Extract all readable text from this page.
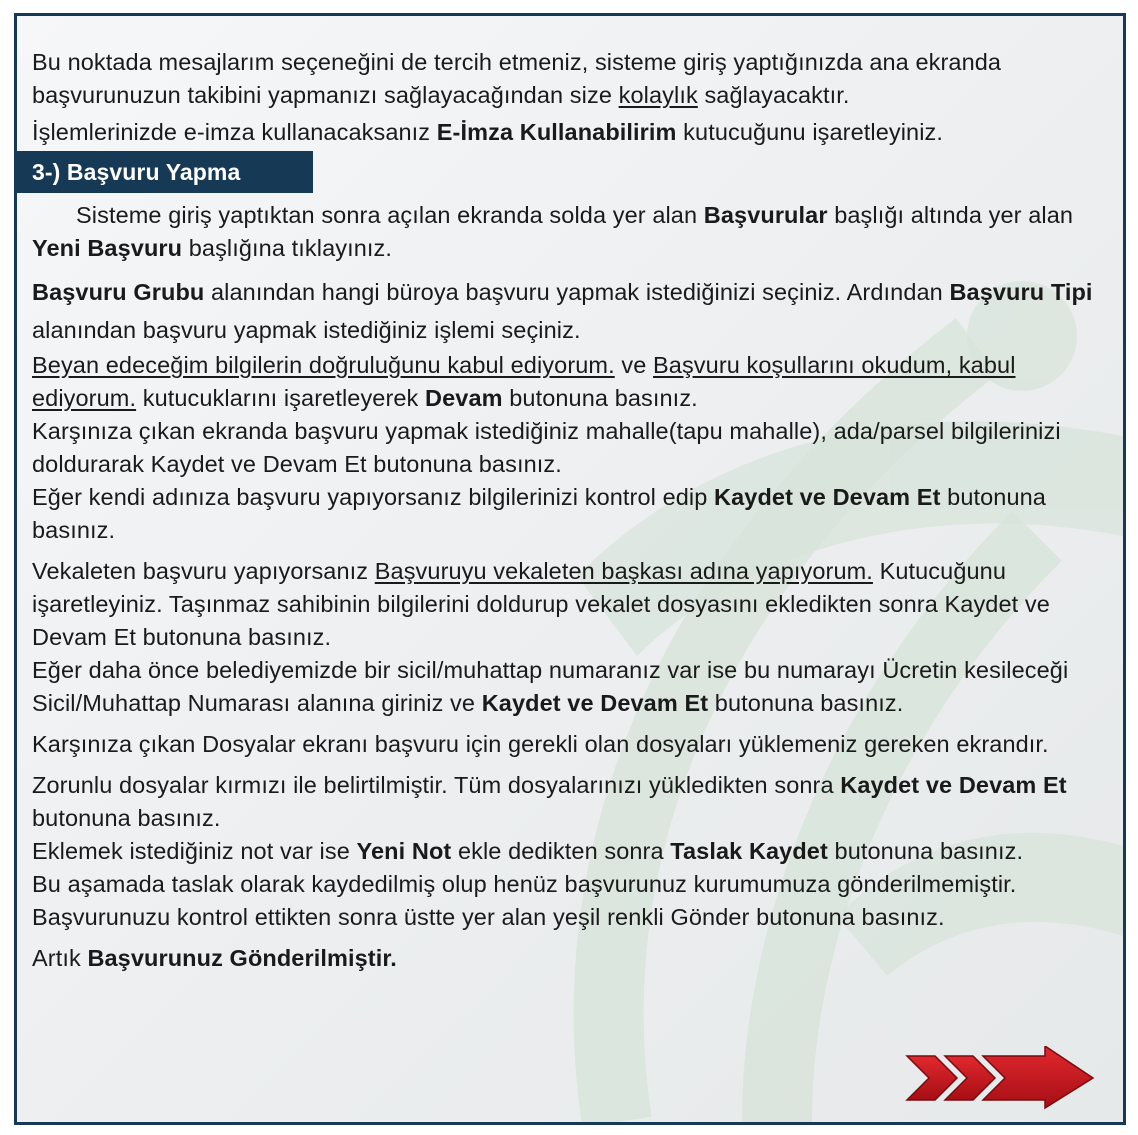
Bu noktada mesajlarım seçeneğini de tercih etmeniz, sisteme giriş yaptığınızda ana ekranda başvurunuzun takibini yapmanızı sağlayacağından size kolaylık sağlayacaktır.

İşlemlerinizde e-imza kullanacaksanız E-İmza Kullanabilirim kutucuğunu işaretleyiniz.

3-) Başvuru Yapma

Sisteme giriş yaptıktan sonra açılan ekranda solda yer alan Başvurular başlığı altında yer alan Yeni Başvuru başlığına tıklayınız.

Başvuru Grubu alanından hangi büroya başvuru yapmak istediğinizi seçiniz. Ardından Başvuru Tipi alanından başvuru yapmak istediğiniz işlemi seçiniz.

Beyan edeceğim bilgilerin doğruluğunu kabul ediyorum. ve Başvuru koşullarını okudum, kabul ediyorum. kutucuklarını işaretleyerek Devam butonuna basınız.

Karşınıza çıkan ekranda başvuru yapmak istediğiniz mahalle(tapu mahalle), ada/parsel bilgilerinizi doldurarak Kaydet ve Devam Et butonuna basınız.

Eğer kendi adınıza başvuru yapıyorsanız bilgilerinizi kontrol edip Kaydet ve Devam Et butonuna basınız.

Vekaleten başvuru yapıyorsanız Başvuruyu vekaleten başkası adına yapıyorum. Kutucuğunu işaretleyiniz. Taşınmaz sahibinin bilgilerini doldurup vekalet dosyasını ekledikten sonra Kaydet ve Devam Et butonuna basınız.

Eğer daha önce belediyemizde bir sicil/muhattap numaranız var ise bu numarayı Ücretin kesileceği Sicil/Muhattap Numarası alanına giriniz ve Kaydet ve Devam Et butonuna basınız.

Karşınıza çıkan Dosyalar ekranı başvuru için gerekli olan dosyaları yüklemeniz gereken ekrandır.

Zorunlu dosyalar kırmızı ile belirtilmiştir. Tüm dosyalarınızı yükledikten sonra Kaydet ve Devam Et butonuna basınız.

Eklemek istediğiniz not var ise Yeni Not ekle dedikten sonra Taslak Kaydet butonuna basınız.

Bu aşamada taslak olarak kaydedilmiş olup henüz başvurunuz kurumumuza gönderilmemiştir.

Başvurunuzu kontrol ettikten sonra üstte yer alan yeşil renkli Gönder butonuna basınız.

Artık Başvurunuz Gönderilmiştir.
